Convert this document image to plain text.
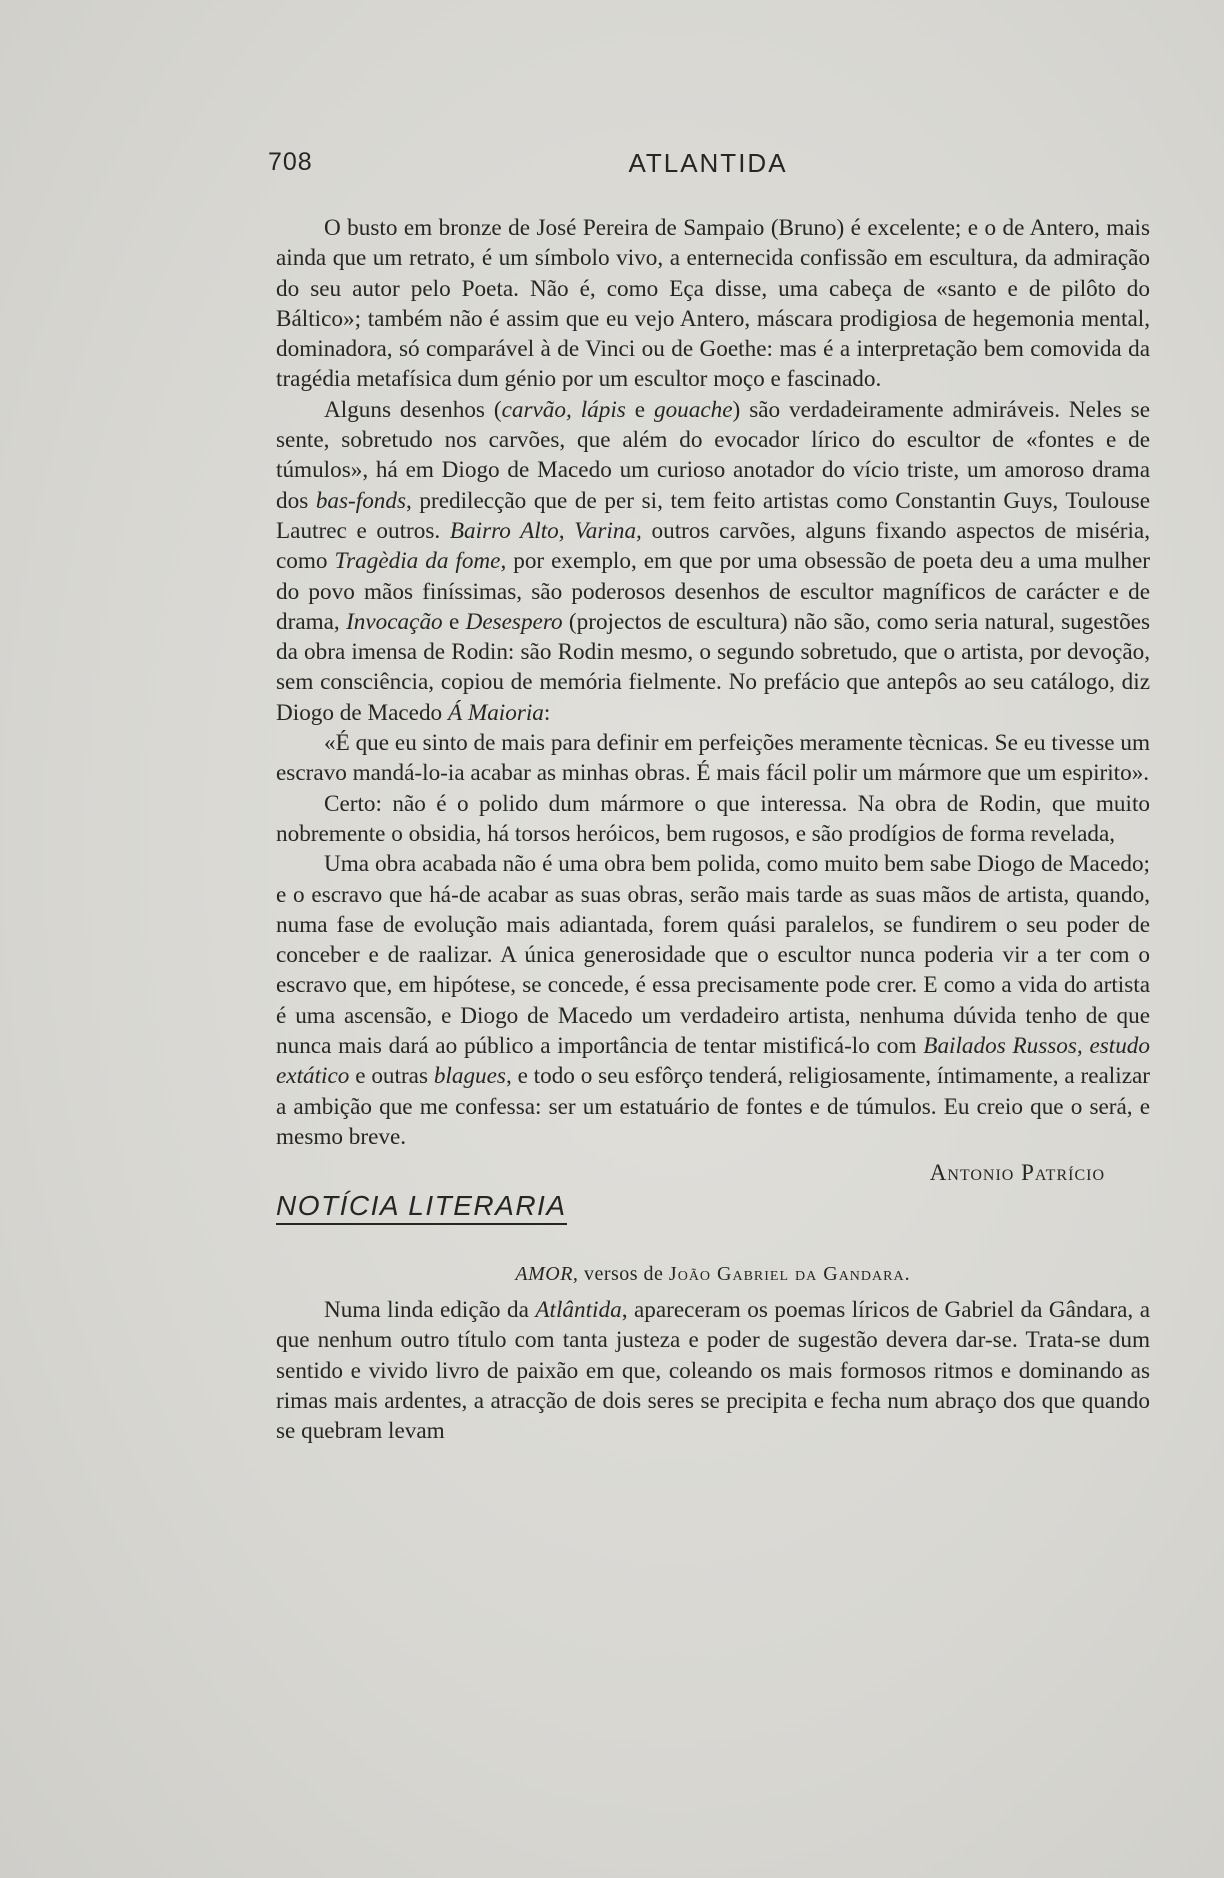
708	ATLANTIDA

O busto em bronze de José Pereira de Sampaio (Bruno) é excelente; e o de Antero, mais ainda que um retrato, é um símbolo vivo, a enternecida confissão em escultura, da admiração do seu autor pelo Poeta. Não é, como Eça disse, uma cabeça de «santo e de pilôto do Báltico»; também não é assim que eu vejo Antero, máscara prodigiosa de hegemonia mental, dominadora, só comparável à de Vinci ou de Goethe: mas é a interpretação bem comovida da tragédia metafísica dum génio por um escultor moço e fascinado.

Alguns desenhos (carvão, lápis e gouache) são verdadeiramente admiráveis. Neles se sente, sobretudo nos carvões, que além do evocador lírico do escultor de «fontes e de túmulos», há em Diogo de Macedo um curioso anotador do vício triste, um amoroso drama dos bas-fonds, predilecção que de per si, tem feito artistas como Constantin Guys, Toulouse Lautrec e outros. Bairro Alto, Varina, outros carvões, alguns fixando aspectos de miséria, como Tragèdia da fome, por exemplo, em que por uma obsessão de poeta deu a uma mulher do povo mãos finíssimas, são poderosos desenhos de escultor magníficos de carácter e de drama, Invocação e Desespero (projectos de escultura) não são, como seria natural, sugestões da obra imensa de Rodin: são Rodin mesmo, o segundo sobretudo, que o artista, por devoção, sem consciência, copiou de memória fielmente. No prefácio que antepôs ao seu catálogo, diz Diogo de Macedo Á Maioria:

«É que eu sinto de mais para definir em perfeições meramente tècnicas. Se eu tivesse um escravo mandá-lo-ia acabar as minhas obras. É mais fácil polir um mármore que um espirito».

Certo: não é o polido dum mármore o que interessa. Na obra de Rodin, que muito nobremente o obsidia, há torsos heróicos, bem rugosos, e são prodígios de forma revelada,

Uma obra acabada não é uma obra bem polida, como muito bem sabe Diogo de Macedo; e o escravo que há-de acabar as suas obras, serão mais tarde as suas mãos de artista, quando, numa fase de evolução mais adiantada, forem quási paralelos, se fundirem o seu poder de conceber e de raalizar. A única generosidade que o escultor nunca poderia vir a ter com o escravo que, em hipótese, se concede, é essa precisamente pode crer. E como a vida do artista é uma ascensão, e Diogo de Macedo um verdadeiro artista, nenhuma dúvida tenho de que nunca mais dará ao público a importância de tentar mistificá-lo com Bailados Russos, estudo extático e outras blagues, e todo o seu esfôrço tenderá, religiosamente, íntimamente, a realizar a ambição que me confessa: ser um estatuário de fontes e de túmulos. Eu creio que o será, e mesmo breve.

Antonio Patrício
NOTÍCIA LITERARIA
AMOR, versos de João Gabriel da Gandara.

Numa linda edição da Atlântida, apareceram os poemas líricos de Gabriel da Gândara, a que nenhum outro título com tanta justeza e poder de sugestão devera dar-se. Trata-se dum sentido e vivido livro de paixão em que, coleando os mais formosos ritmos e dominando as rimas mais ardentes, a atracção de dois seres se precipita e fecha num abraço dos que quando se quebram levam
